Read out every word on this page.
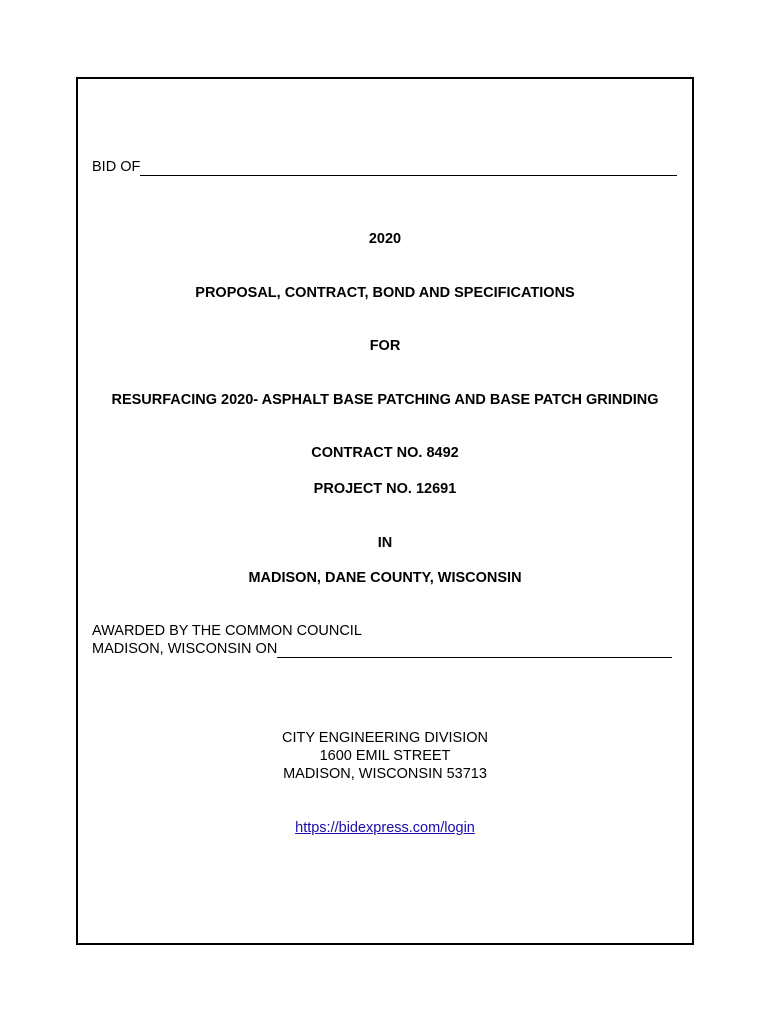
BID OF
2020
PROPOSAL, CONTRACT, BOND AND SPECIFICATIONS
FOR
RESURFACING 2020- ASPHALT BASE PATCHING AND BASE PATCH GRINDING
CONTRACT NO. 8492
PROJECT NO. 12691
IN
MADISON, DANE COUNTY, WISCONSIN
AWARDED BY THE COMMON COUNCIL
MADISON, WISCONSIN ON
CITY ENGINEERING DIVISION
1600 EMIL STREET
MADISON, WISCONSIN 53713
https://bidexpress.com/login
